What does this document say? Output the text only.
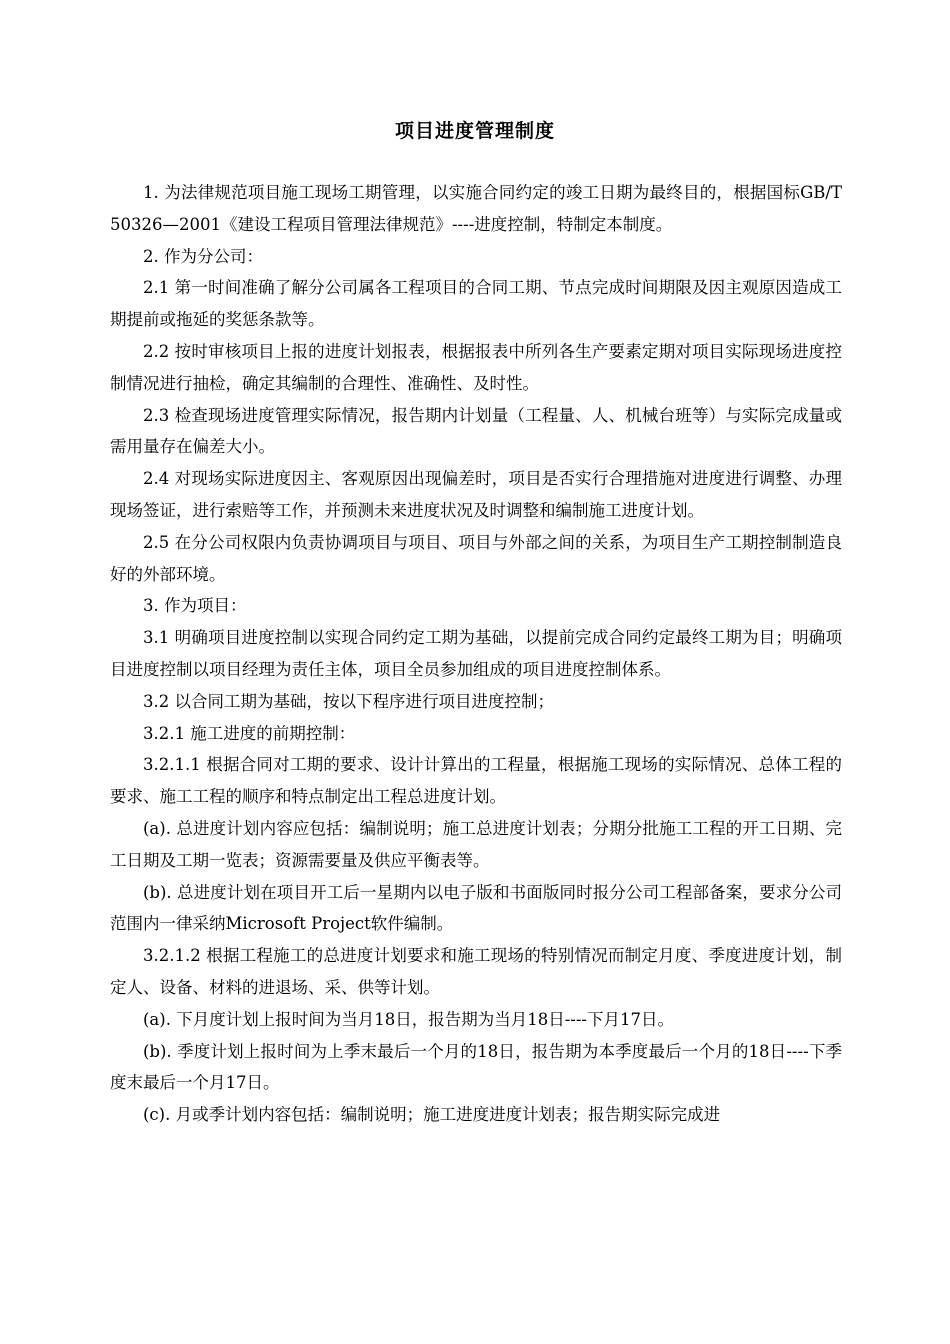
项目进度管理制度

1. 为法律规范项目施工现场工期管理，以实施合同约定的竣工日期为最终目的，根据国标GB/T 50326—2001《建设工程项目管理法律规范》----进度控制，特制定本制度。

2. 作为分公司：

2.1 第一时间准确了解分公司属各工程项目的合同工期、节点完成时间期限及因主观原因造成工期提前或拖延的奖惩条款等。

2.2 按时审核项目上报的进度计划报表，根据报表中所列各生产要素定期对项目实际现场进度控制情况进行抽检，确定其编制的合理性、准确性、及时性。

2.3 检查现场进度管理实际情况，报告期内计划量（工程量、人、机械台班等）与实际完成量或需用量存在偏差大小。

2.4 对现场实际进度因主、客观原因出现偏差时，项目是否实行合理措施对进度进行调整、办理现场签证，进行索赔等工作，并预测未来进度状况及时调整和编制施工进度计划。

2.5 在分公司权限内负责协调项目与项目、项目与外部之间的关系，为项目生产工期控制制造良好的外部环境。

3. 作为项目：

3.1 明确项目进度控制以实现合同约定工期为基础，以提前完成合同约定最终工期为目；明确项目进度控制以项目经理为责任主体，项目全员参加组成的项目进度控制体系。

3.2 以合同工期为基础，按以下程序进行项目进度控制；

3.2.1 施工进度的前期控制：

3.2.1.1 根据合同对工期的要求、设计计算出的工程量，根据施工现场的实际情况、总体工程的要求、施工工程的顺序和特点制定出工程总进度计划。

(a). 总进度计划内容应包括：编制说明；施工总进度计划表；分期分批施工工程的开工日期、完工日期及工期一览表；资源需要量及供应平衡表等。

(b). 总进度计划在项目开工后一星期内以电子版和书面版同时报分公司工程部备案，要求分公司范围内一律采纳Microsoft Project软件编制。

3.2.1.2 根据工程施工的总进度计划要求和施工现场的特别情况而制定月度、季度进度计划，制定人、设备、材料的进退场、采、供等计划。

(a). 下月度计划上报时间为当月18日，报告期为当月18日----下月17日。

(b). 季度计划上报时间为上季末最后一个月的18日，报告期为本季度最后一个月的18日----下季度末最后一个月17日。

(c). 月或季计划内容包括：编制说明；施工进度进度计划表；报告期实际完成进
